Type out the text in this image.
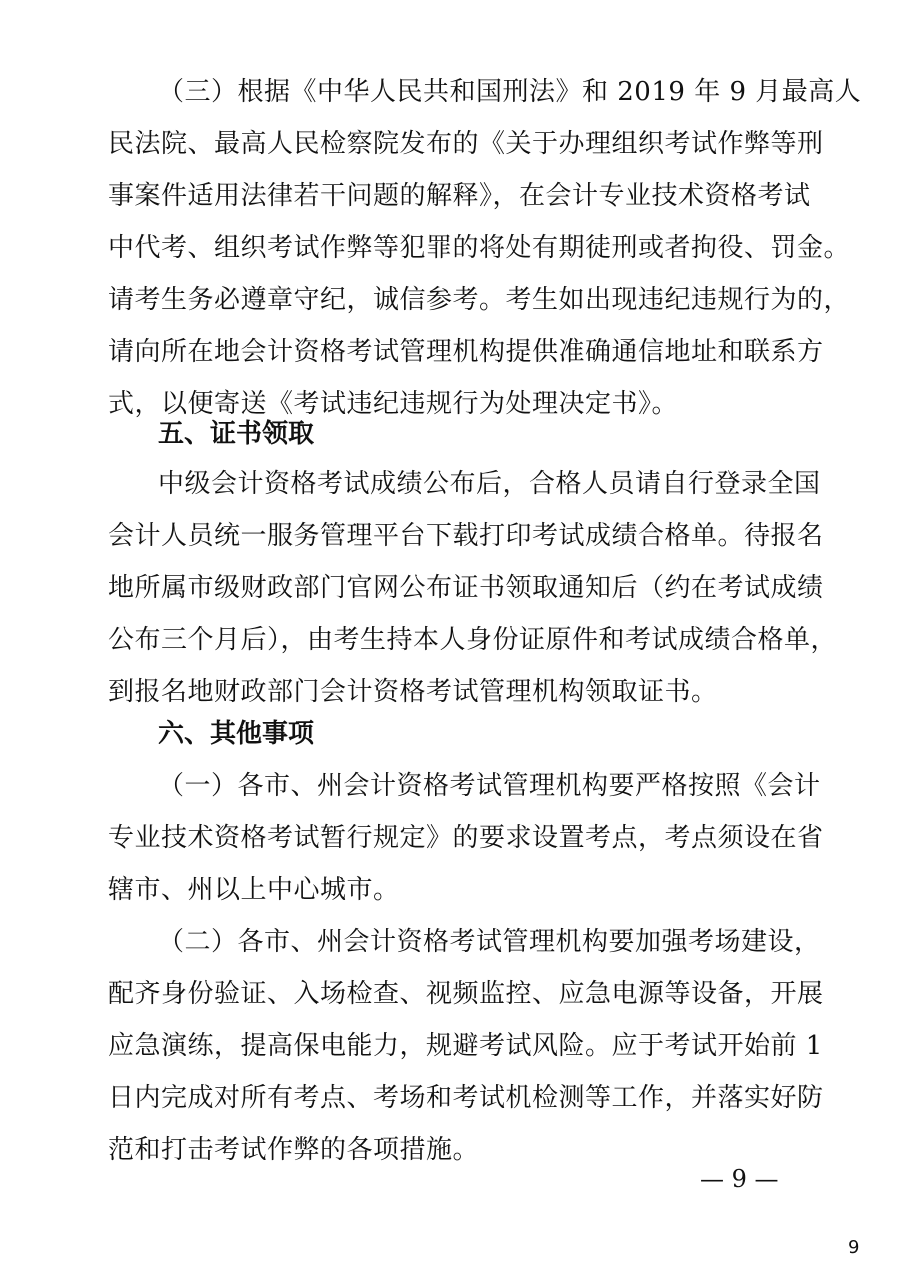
（三）根据《中华人民共和国刑法》和 2019 年 9 月最高人
民法院、最高人民检察院发布的《关于办理组织考试作弊等刑
事案件适用法律若干问题的解释》，在会计专业技术资格考试
中代考、组织考试作弊等犯罪的将处有期徒刑或者拘役、罚金。
请考生务必遵章守纪，诚信参考。考生如出现违纪违规行为的，
请向所在地会计资格考试管理机构提供准确通信地址和联系方
式，以便寄送《考试违纪违规行为处理决定书》。
五、证书领取
中级会计资格考试成绩公布后，合格人员请自行登录全国
会计人员统一服务管理平台下载打印考试成绩合格单。待报名
地所属市级财政部门官网公布证书领取通知后（约在考试成绩
公布三个月后），由考生持本人身份证原件和考试成绩合格单，
到报名地财政部门会计资格考试管理机构领取证书。
六、其他事项
（一）各市、州会计资格考试管理机构要严格按照《会计
专业技术资格考试暂行规定》的要求设置考点，考点须设在省
辖市、州以上中心城市。
（二）各市、州会计资格考试管理机构要加强考场建设，
配齐身份验证、入场检查、视频监控、应急电源等设备，开展
应急演练，提高保电能力，规避考试风险。应于考试开始前 1
日内完成对所有考点、考场和考试机检测等工作，并落实好防
范和打击考试作弊的各项措施。
— 9 —
9
